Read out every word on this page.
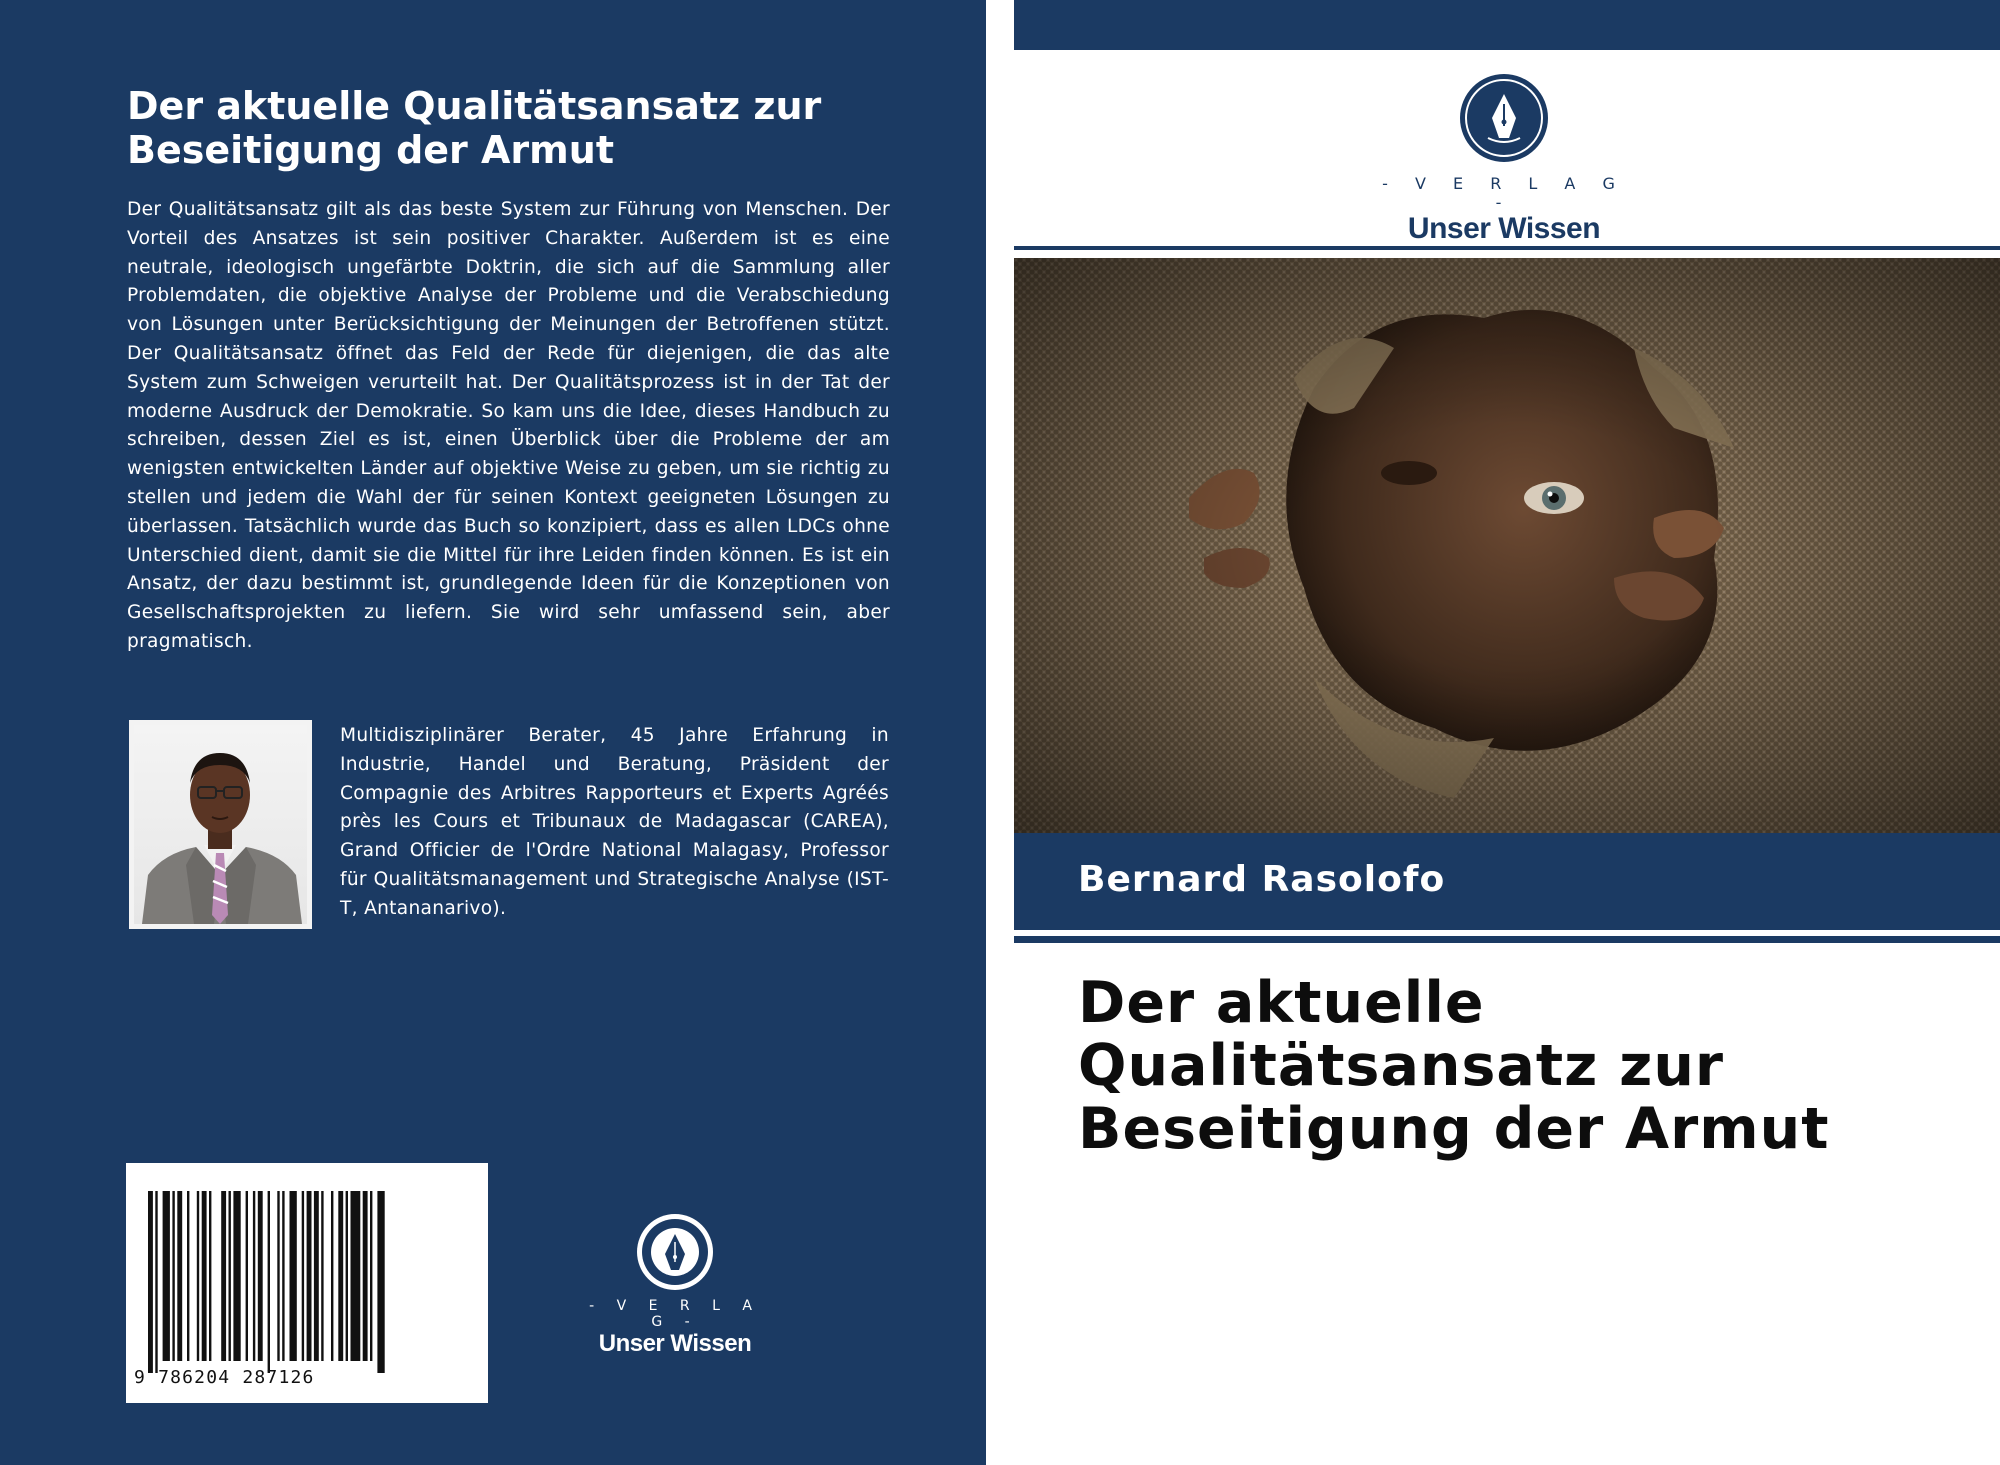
Der aktuelle Qualitätsansatz zur Beseitigung der Armut
Der Qualitätsansatz gilt als das beste System zur Führung von Menschen. Der Vorteil des Ansatzes ist sein positiver Charakter. Außerdem ist es eine neutrale, ideologisch ungefärbte Doktrin, die sich auf die Sammlung aller Problemdaten, die objektive Analyse der Probleme und die Verabschiedung von Lösungen unter Berücksichtigung der Meinungen der Betroffenen stützt. Der Qualitätsansatz öffnet das Feld der Rede für diejenigen, die das alte System zum Schweigen verurteilt hat. Der Qualitätsprozess ist in der Tat der moderne Ausdruck der Demokratie. So kam uns die Idee, dieses Handbuch zu schreiben, dessen Ziel es ist, einen Überblick über die Probleme der am wenigsten entwickelten Länder auf objektive Weise zu geben, um sie richtig zu stellen und jedem die Wahl der für seinen Kontext geeigneten Lösungen zu überlassen. Tatsächlich wurde das Buch so konzipiert, dass es allen LDCs ohne Unterschied dient, damit sie die Mittel für ihre Leiden finden können. Es ist ein Ansatz, der dazu bestimmt ist, grundlegende Ideen für die Konzeptionen von Gesellschaftsprojekten zu liefern. Sie wird sehr umfassend sein, aber pragmatisch.
Multidisziplinärer Berater, 45 Jahre Erfahrung in Industrie, Handel und Beratung, Präsident der Compagnie des Arbitres Rapporteurs et Experts Agréés près les Cours et Tribunaux de Madagascar (CAREA), Grand Officier de l'Ordre National Malagasy, Professor für Qualitätsmanagement und Strategische Analyse (IST-T, Antananarivo).
9 786204 287126
- V E R L A G -
Unser Wissen
- V E R L A G -
Unser Wissen
Bernard Rasolofo
Der aktuelle
Qualitätsansatz zur
Beseitigung der Armut
